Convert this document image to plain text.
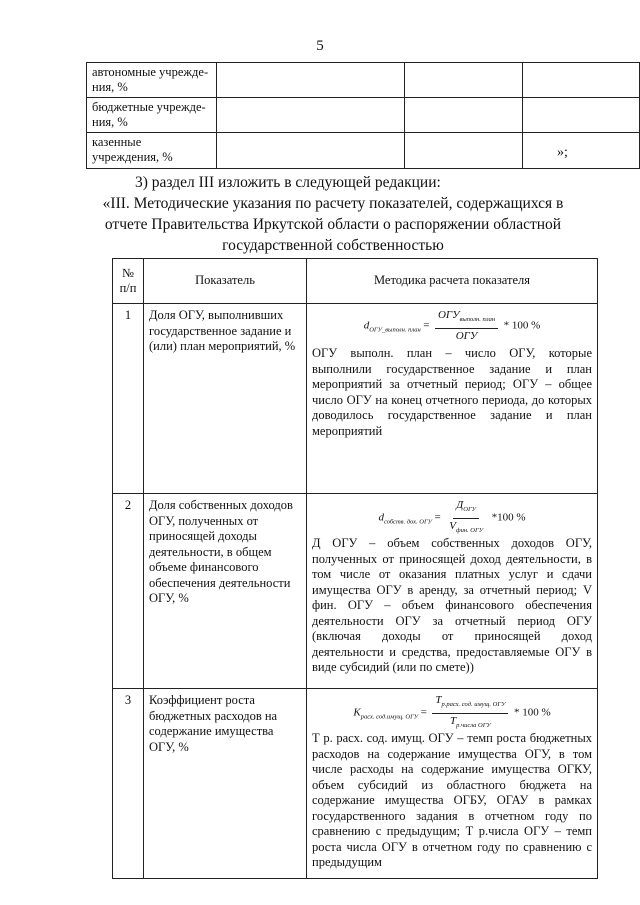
5
автономные учрежде-ния, %			
бюджетные учрежде-ния, %			
казенные учреждения, %				»;
3) раздел III изложить в следующей редакции:
«III. Методические указания по расчету показателей, содержащихся в отчете Правительства Иркутской области о распоряжении областной государственной собственностью
№ п/п	Показатель	Методика расчета показателя
1	Доля ОГУ, выполнивших государственное задание и (или) план мероприятий, %	$d_{ОГУ\_выполн. план} = \frac{ОГУ_{выполн. план}}{\text{ОГУ}} * 100$ %
ОГУ выполн. план – число ОГУ, которые выполнили государственное задание и план мероприятий за отчетный период; ОГУ – общее число ОГУ на конец отчетного периода, до которых доводилось государственное задание и план мероприятий

2	Доля собственных доходов ОГУ, полученных от приносящей доходы деятельности, в общем объеме финансового обеспечения деятельности ОГУ, %	$d_{собств. дох. ОГУ} = \frac{Д_{ОГУ}}{V_{фин. ОГУ}} *100$ %
Д ОГУ – объем собственных доходов ОГУ, полученных от приносящей доход деятельности, в том числе от оказания платных услуг и сдачи имущества ОГУ в аренду, за отчетный период; V фин. ОГУ – объем финансового обеспечения деятельности ОГУ за отчетный период ОГУ (включая доходы от приносящей доход деятельности и средства, предоставляемые ОГУ в виде субсидий (или по смете))

3	Коэффициент роста бюджетных расходов на содержание имущества ОГУ, %	$K_{расх. сод.имущ. ОГУ} = \frac{T_{р.расх. сод. имущ. ОГУ}}{T_{р.числа ОГУ}} * 100$ %
Т р. расх. сод. имущ. ОГУ – темп роста бюджетных расходов на содержание имущества ОГУ, в том числе расходы на содержание имущества ОГКУ, объем субсидий из областного бюджета на содержание имущества ОГБУ, ОГАУ в рамках государственного задания в отчетном году по сравнению с предыдущим; Т р.числа ОГУ – темп роста числа ОГУ в отчетном году по сравнению с предыдущим
